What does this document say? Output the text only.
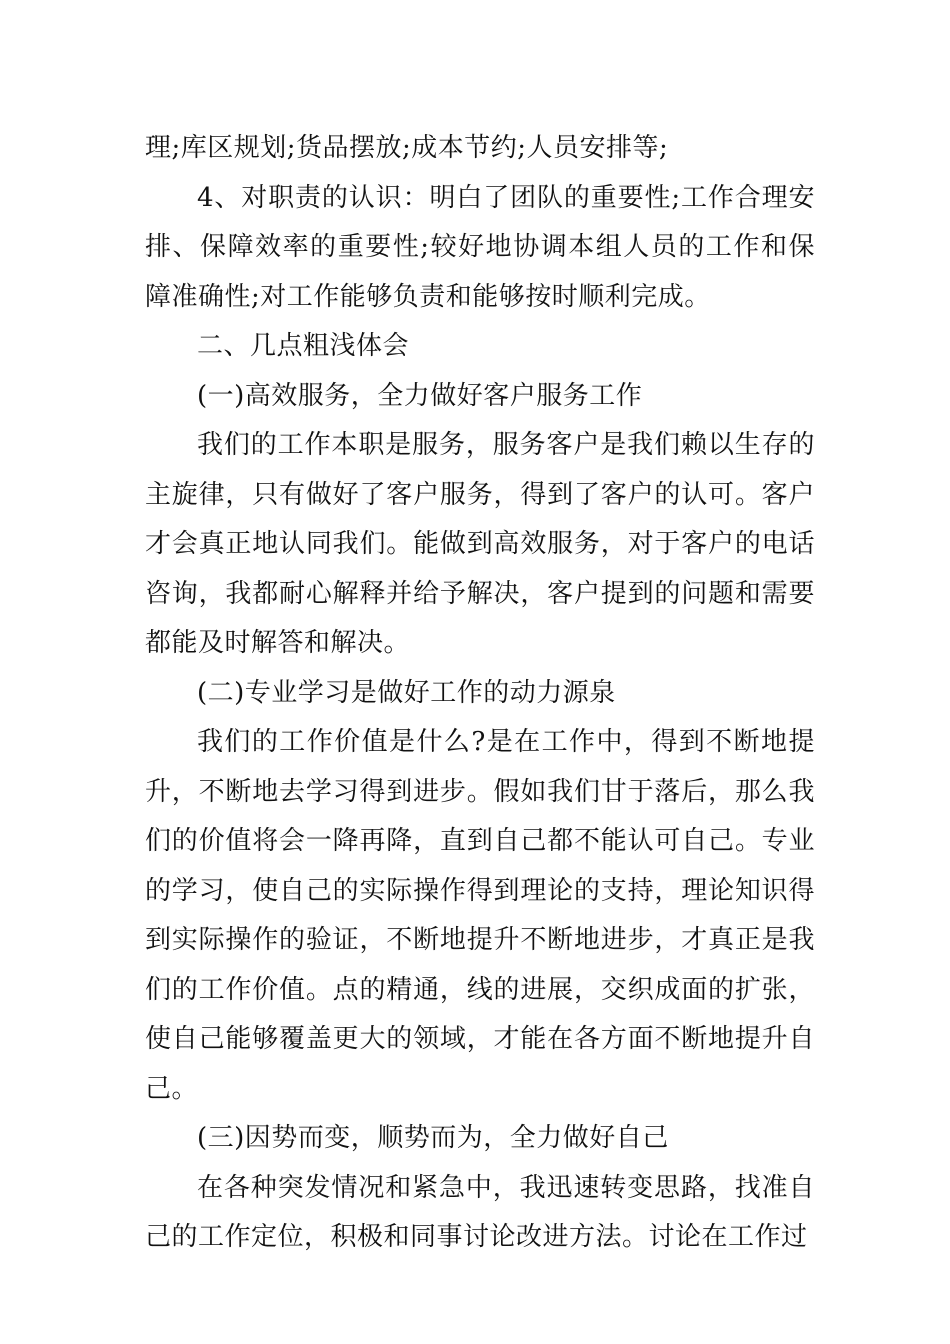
理;库区规划;货品摆放;成本节约;人员安排等;

4、对职责的认识：明白了团队的重要性;工作合理安排、保障效率的重要性;较好地协调本组人员的工作和保障准确性;对工作能够负责和能够按时顺利完成。

二、几点粗浅体会

(一)高效服务，全力做好客户服务工作

我们的工作本职是服务，服务客户是我们赖以生存的主旋律，只有做好了客户服务，得到了客户的认可。客户才会真正地认同我们。能做到高效服务，对于客户的电话咨询，我都耐心解释并给予解决，客户提到的问题和需要都能及时解答和解决。

(二)专业学习是做好工作的动力源泉

我们的工作价值是什么?是在工作中，得到不断地提升，不断地去学习得到进步。假如我们甘于落后，那么我们的价值将会一降再降，直到自己都不能认可自己。专业的学习，使自己的实际操作得到理论的支持，理论知识得到实际操作的验证，不断地提升不断地进步，才真正是我们的工作价值。点的精通，线的进展，交织成面的扩张，使自己能够覆盖更大的领域，才能在各方面不断地提升自己。

(三)因势而变，顺势而为，全力做好自己

在各种突发情况和紧急中，我迅速转变思路，找准自己的工作定位，积极和同事讨论改进方法。讨论在工作过
